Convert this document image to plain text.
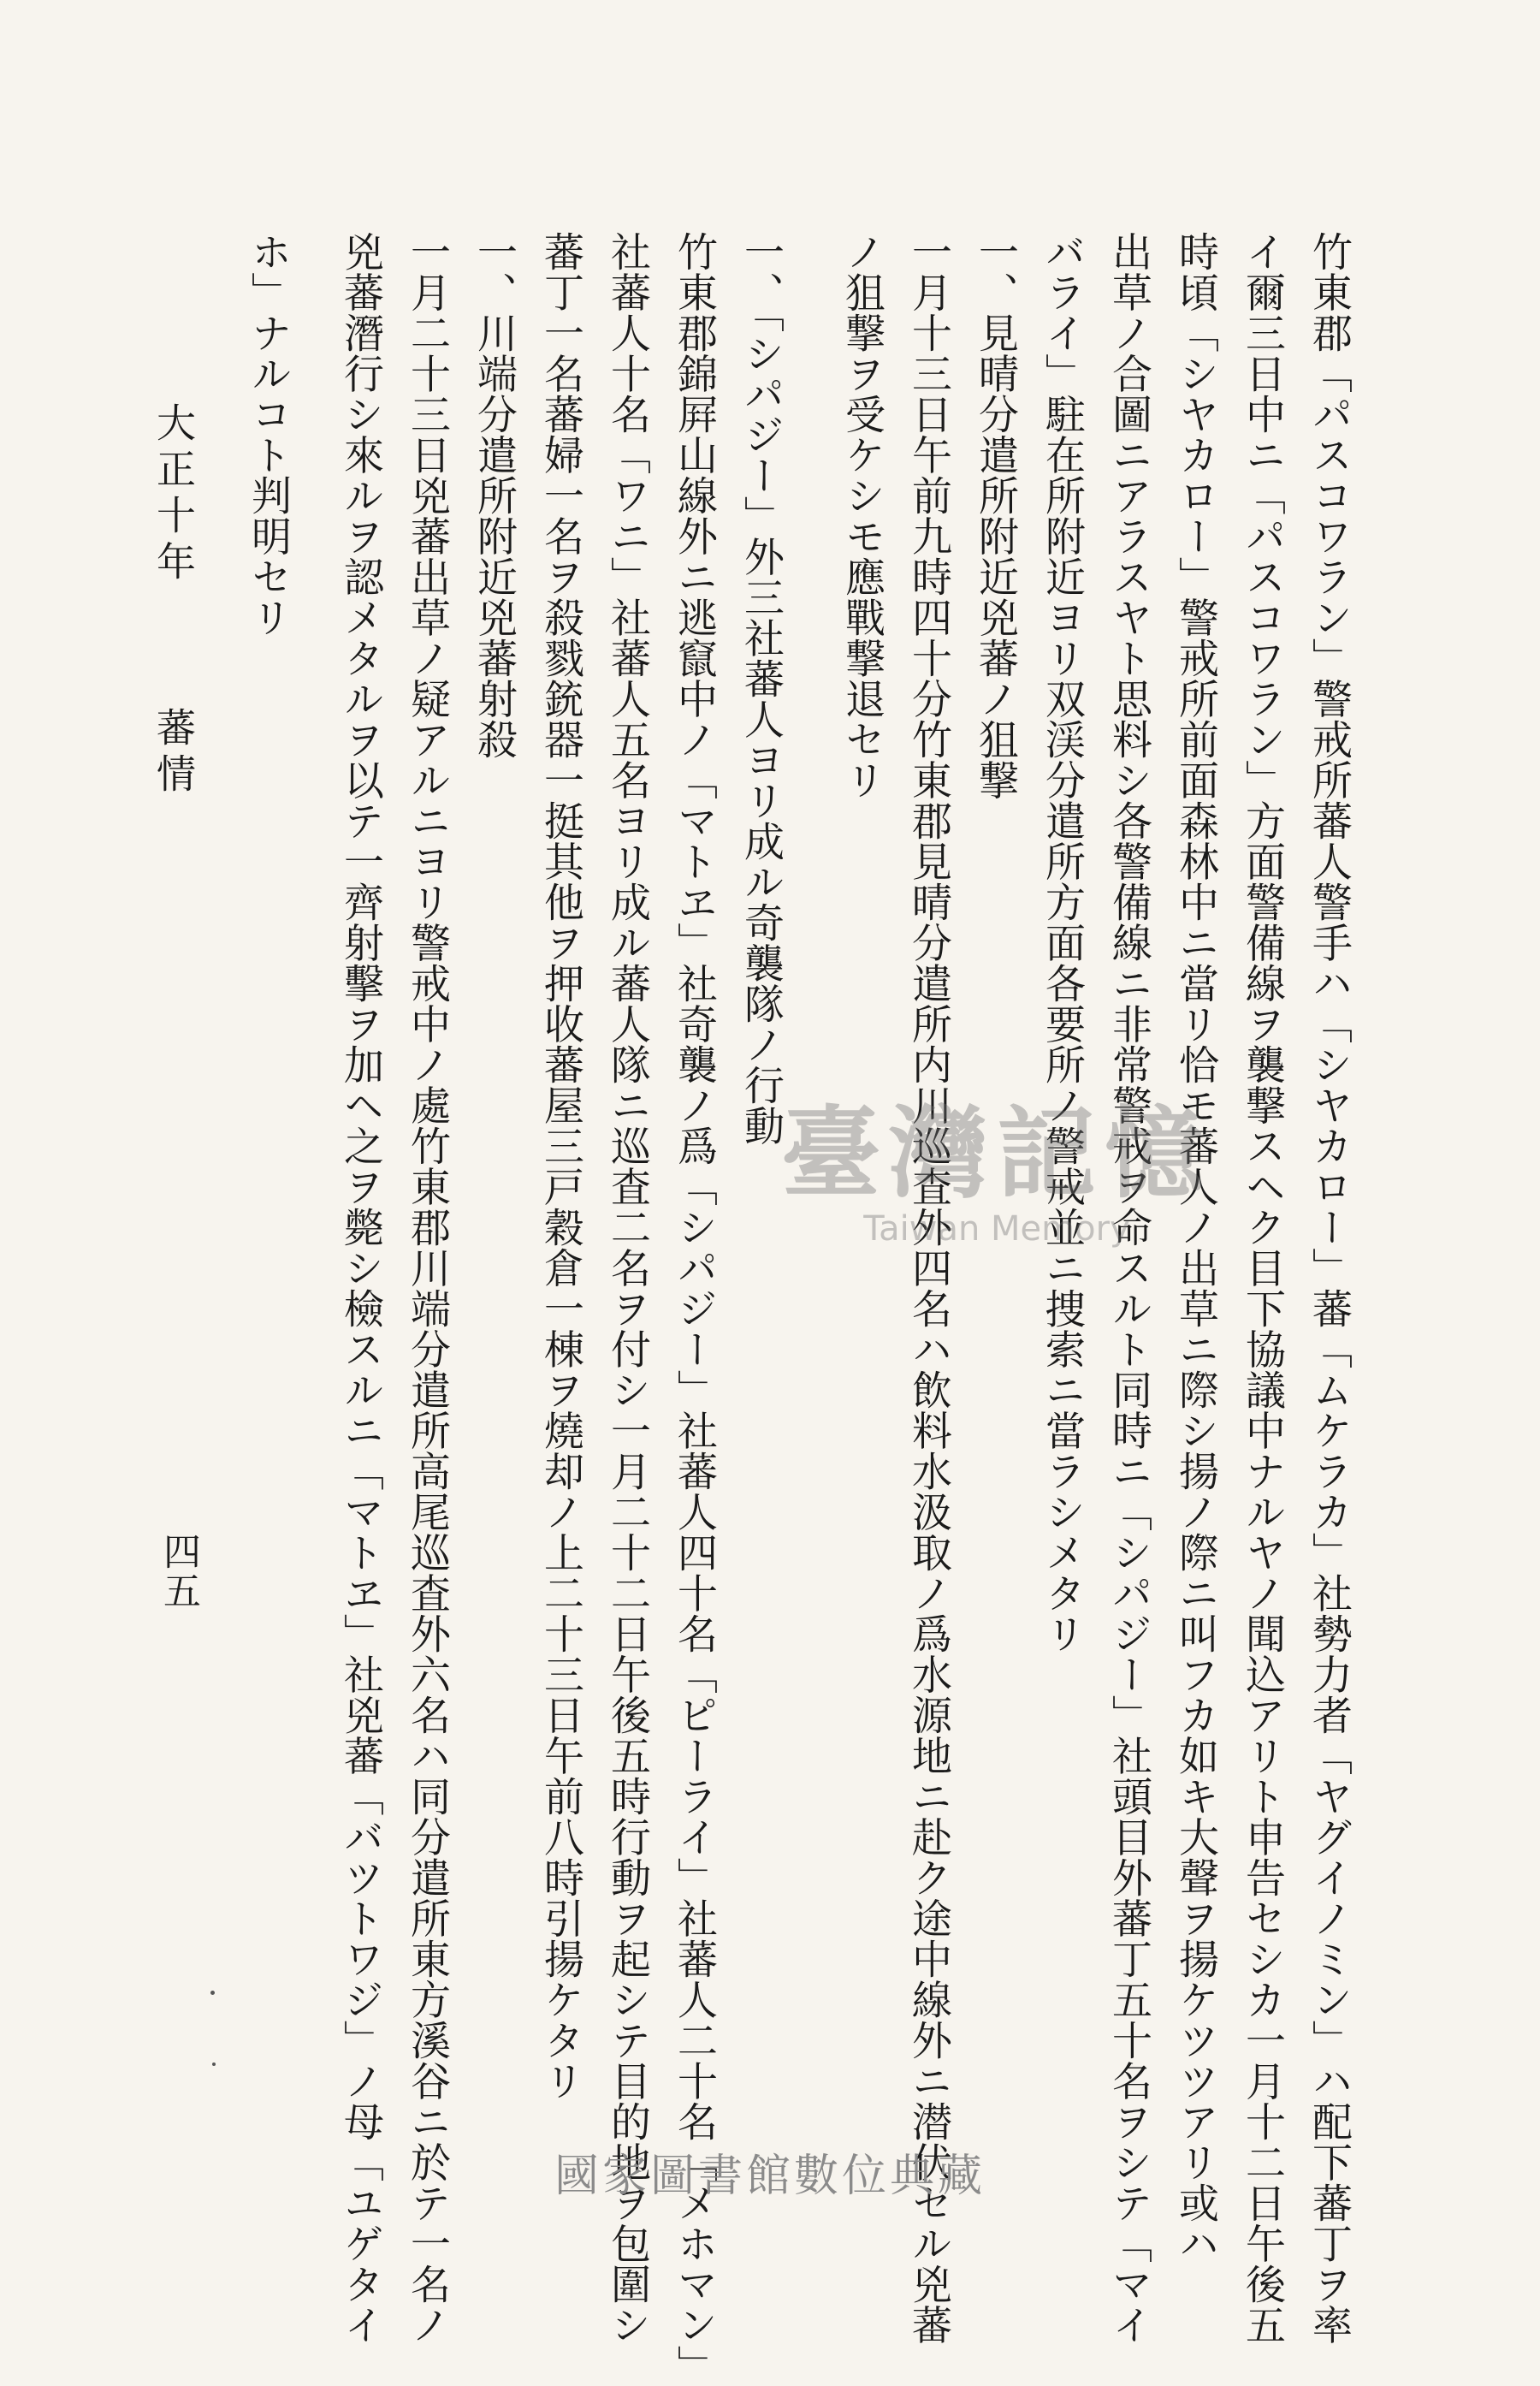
竹東郡「パスコワラン」警戒所蕃人警手ハ「シヤカロー」蕃「ムケラカ」社勢力者「ヤグイノミン」ハ配下蕃丁ヲ率
イ爾三日中ニ「パスコワラン」方面警備線ヲ襲撃スヘク目下協議中ナルヤノ聞込アリト申告セシカ一月十二日午後五
時頃「シヤカロー」警戒所前面森林中ニ當リ恰モ蕃人ノ出草ニ際シ揚ノ際ニ叫フカ如キ大聲ヲ揚ケツツアリ或ハ
出草ノ合圖ニアラスヤト思料シ各警備線ニ非常警戒ヲ命スルト同時ニ「シパジー」社頭目外蕃丁五十名ヲシテ「マイ
バライ」駐在所附近ヨリ双渓分遣所方面各要所ノ警戒並ニ捜索ニ當ラシメタリ
一、見晴分遣所附近兇蕃ノ狙撃
一月十三日午前九時四十分竹東郡見晴分遣所内川巡査外四名ハ飲料水汲取ノ爲水源地ニ赴ク途中線外ニ潜伏セル兇蕃
ノ狙撃ヲ受ケシモ應戰撃退セリ
一、「シパジー」外三社蕃人ヨリ成ル奇襲隊ノ行動
竹東郡錦屛山線外ニ逃竄中ノ「マトヱ」社奇襲ノ爲「シパジー」社蕃人四十名「ピーライ」社蕃人二十名「メホマン」
社蕃人十名「ワニ」社蕃人五名ヨリ成ル蕃人隊ニ巡査二名ヲ付シ一月二十二日午後五時行動ヲ起シテ目的地ヲ包圍シ
蕃丁一名蕃婦一名ヲ殺戮銃器一挺其他ヲ押收蕃屋三戸穀倉一棟ヲ燒却ノ上二十三日午前八時引揚ケタリ
一、川端分遣所附近兇蕃射殺
一月二十三日兇蕃出草ノ疑アルニヨリ警戒中ノ處竹東郡川端分遣所高尾巡査外六名ハ同分遣所東方溪谷ニ於テ一名ノ
兇蕃潛行シ來ルヲ認メタルヲ以テ一齊射擊ヲ加ヘ之ヲ斃シ檢スルニ「マトヱ」社兇蕃「バツトワジ」ノ母「ユゲタイ
ホ」ナルコト判明セリ
大正十年蕃情
四五
臺灣記憶
Taiwan Memory
國家圖書館數位典藏
